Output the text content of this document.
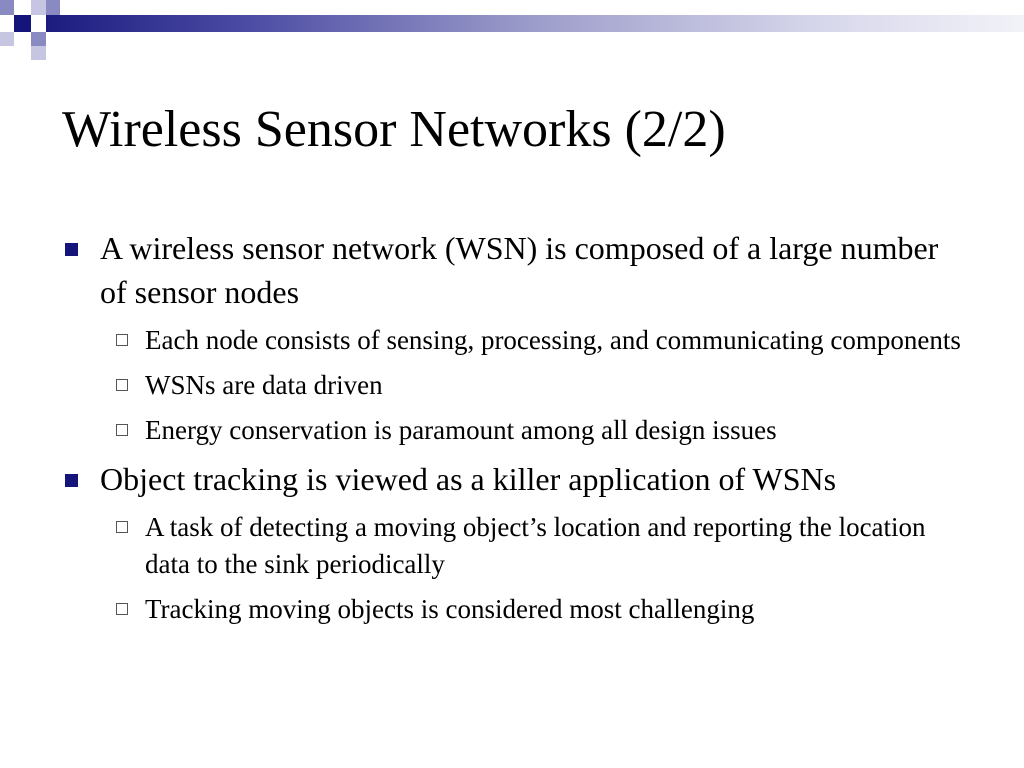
Wireless Sensor Networks (2/2)
A wireless sensor network (WSN) is composed of a large number of sensor nodes
Each node consists of sensing, processing, and communicating components
WSNs are data driven
Energy conservation is paramount among all design issues
Object tracking is viewed as a killer application of WSNs
A task of detecting a moving object’s location and reporting the location data to the sink periodically
Tracking moving objects is considered most challenging
